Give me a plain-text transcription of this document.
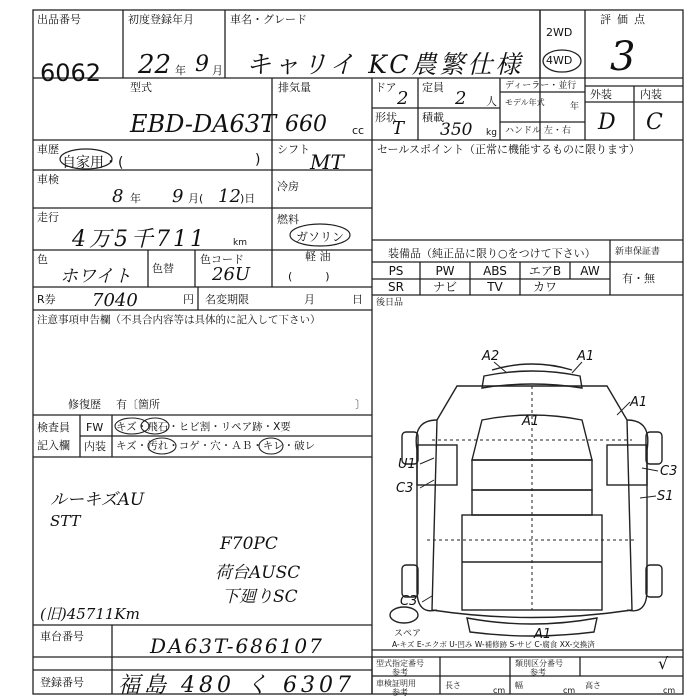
出品番号
6062
初度登録年月
22 年 9 月
車名・グレード
キャリイ KC農繁仕様
2WD
4WD
評価点
3
型式
EBD-DA63T
排気量
660 cc
ドア
2
定員
2 人
形状
T
積載
350 kg
ディーラー・並行
モデル年式	年
ハンドル 左・右
外装	内装
D C
車歴
自家用・(	)
シフト
MT
セールスポイント（正常に機能するものに限ります）
車検
8 年 9 月( 12 )日
冷房
走行
4万5千711	km
燃料
ガソリン
軽 油
(　　　)
色
ホワイト 色替
色コード
26U
装備品（純正品に限り○をつけて下さい）
PS	PW	ABS	エアB	AW
SR	ナビ	TV	カワ
新車保証書
有・無
後日品
R券 7040	円 名変期限	月	日
注意事項申告欄（不具合内容等は具体的に記入して下さい）
修復歴 有〔箇所	〕
検査員
記入欄
FW キズ・飛石・ヒビ割・リペア跡・X要
内装 キズ・汚れ・コゲ・穴・ＡＢ・キレ・破レ
ルーキズAU
STT
F70PC
荷台AUSC
下廻りSC
(旧)45711Km
A2	A1
A1
A1
U1
C3
C3
S1
C3
A1
スペア
車台番号	DA63T-686107
登録番号 福島 480 く 6307
A-キズ E-エクボ U-凹み W-補修跡 S-サビ C-腐食 XX-交換済
型式指定番号
参考
類別区分番号
参考	√
車検証明用
参考
長さ
cm
幅
cm
高さ
cm
